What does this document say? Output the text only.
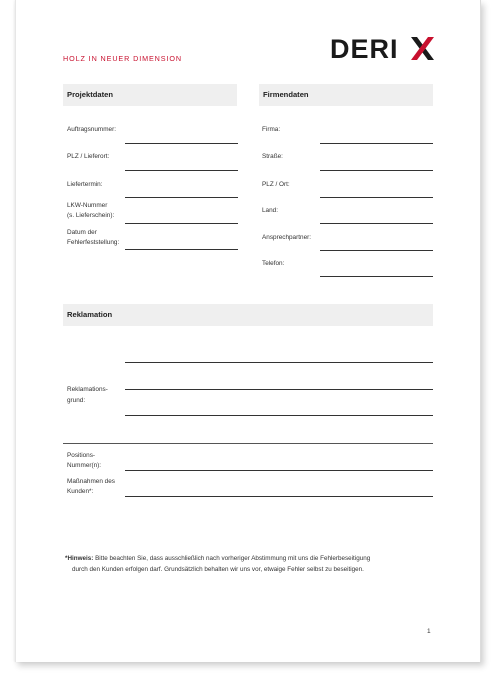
HOLZ IN NEUER DIMENSION	DERI
Projektdaten
Auftragsnummer:
PLZ / Lieferort:
Liefertermin:
LKW-Nummer
(s. Lieferschein):
Datum der
Fehlerfeststellung:
Firmendaten
Firma:
Straße:
PLZ / Ort:
Land:
Ansprechpartner:
Telefon:
Reklamation
Reklamations-
grund:
Positions-
Nummer(n):
Maßnahmen des
Kunden*:
*Hinweis: Bitte beachten Sie, dass ausschließlich nach vorheriger Abstimmung mit uns die Fehlerbeseitigung
durch den Kunden erfolgen darf. Grundsätzlich behalten wir uns vor, etwaige Fehler selbst zu beseitigen.
1
